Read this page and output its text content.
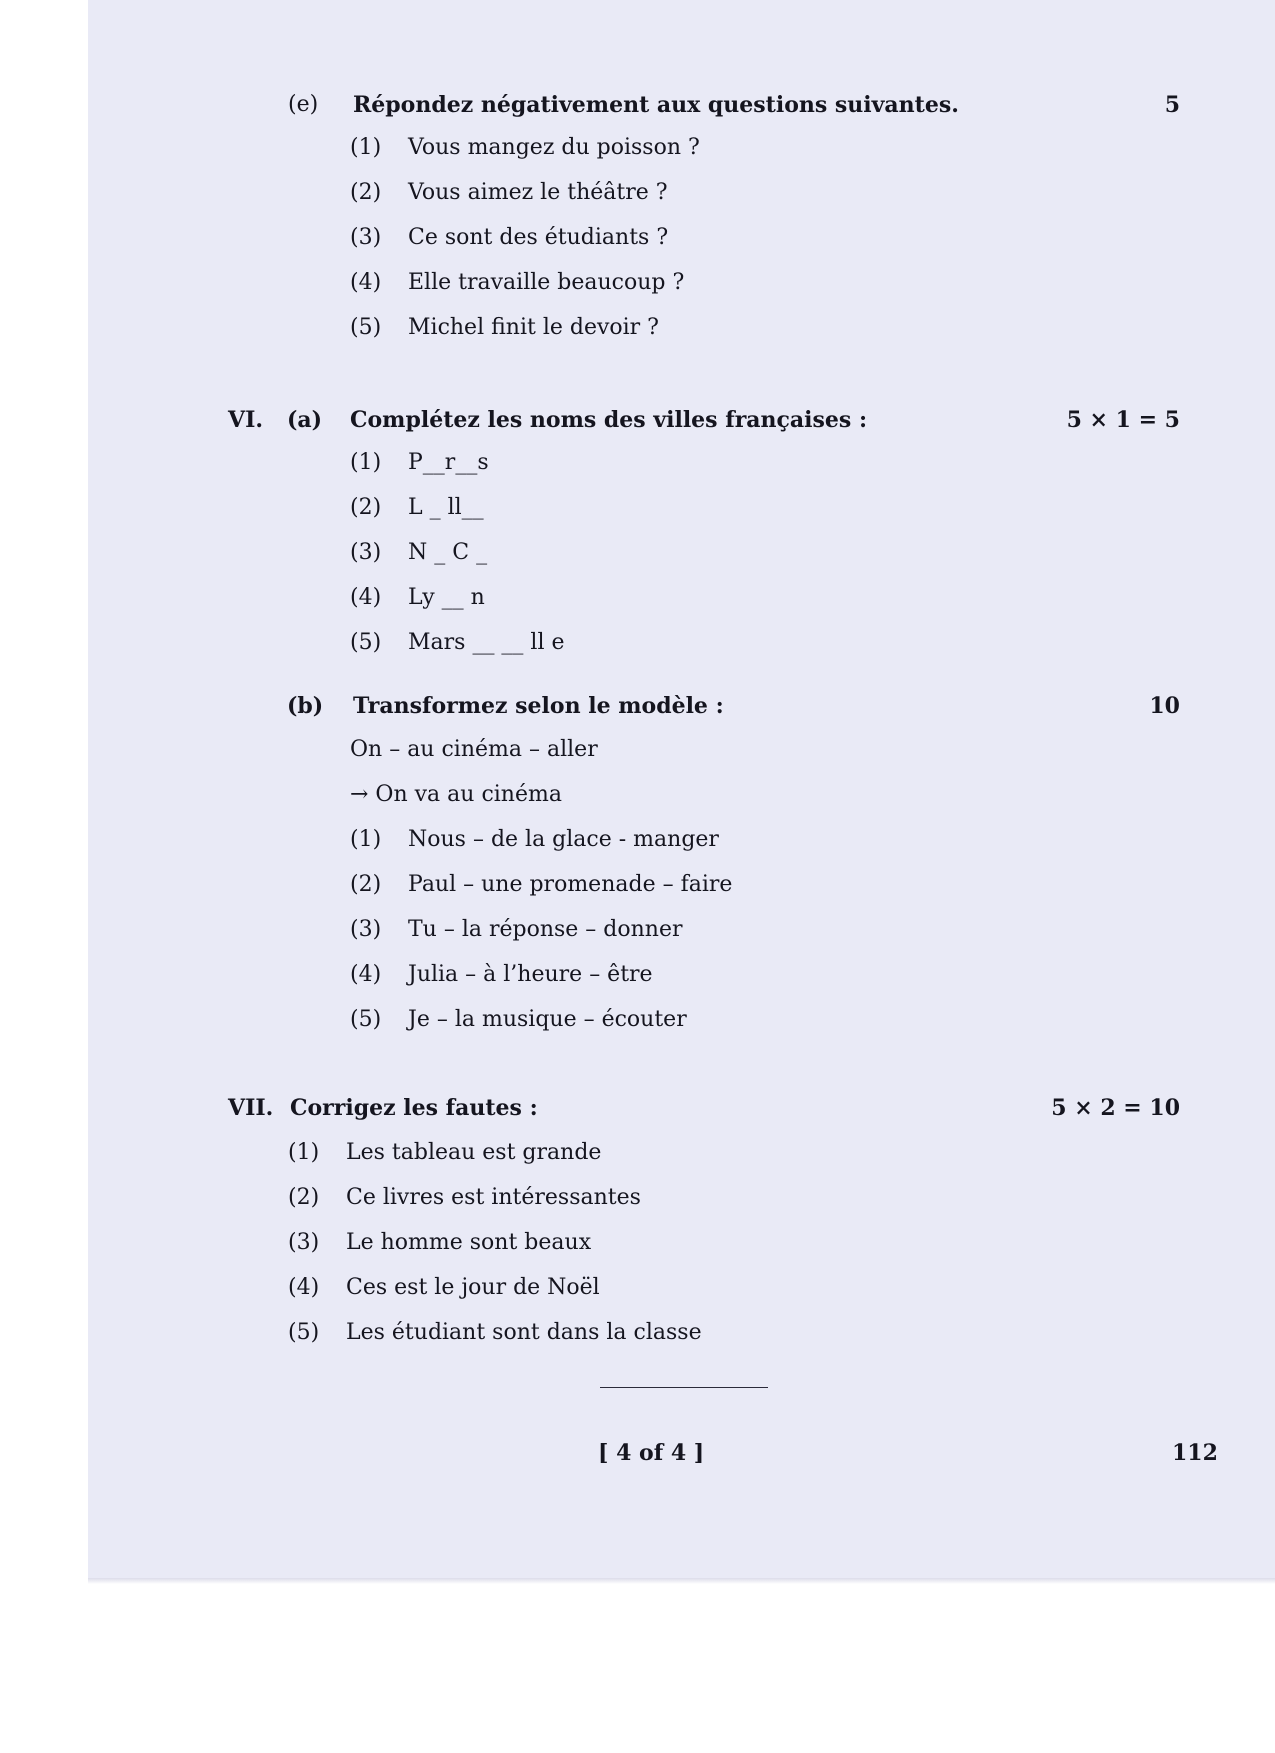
(e) Répondez négativement aux questions suivantes.	5
(1) Vous mangez du poisson ?
(2) Vous aimez le théâtre ?
(3) Ce sont des étudiants ?
(4) Elle travaille beaucoup ?
(5) Michel finit le devoir ?
VI. (a) Complétez les noms des villes françaises :	5 × 1 = 5
(1) P__r__s
(2) L _ ll__
(3) N _ C _
(4) Ly __ n
(5) Mars __ __ ll e
(b) Transformez selon le modèle :	10
On – au cinéma – aller
→ On va au cinéma
(1) Nous – de la glace - manger
(2) Paul – une promenade – faire
(3) Tu – la réponse – donner
(4) Julia – à l’heure – être
(5) Je – la musique – écouter
VII. Corrigez les fautes :	5 × 2 = 10
(1) Les tableau est grande
(2) Ce livres est intéressantes
(3) Le homme sont beaux
(4) Ces est le jour de Noël
(5) Les étudiant sont dans la classe
[ 4 of 4 ]	112
